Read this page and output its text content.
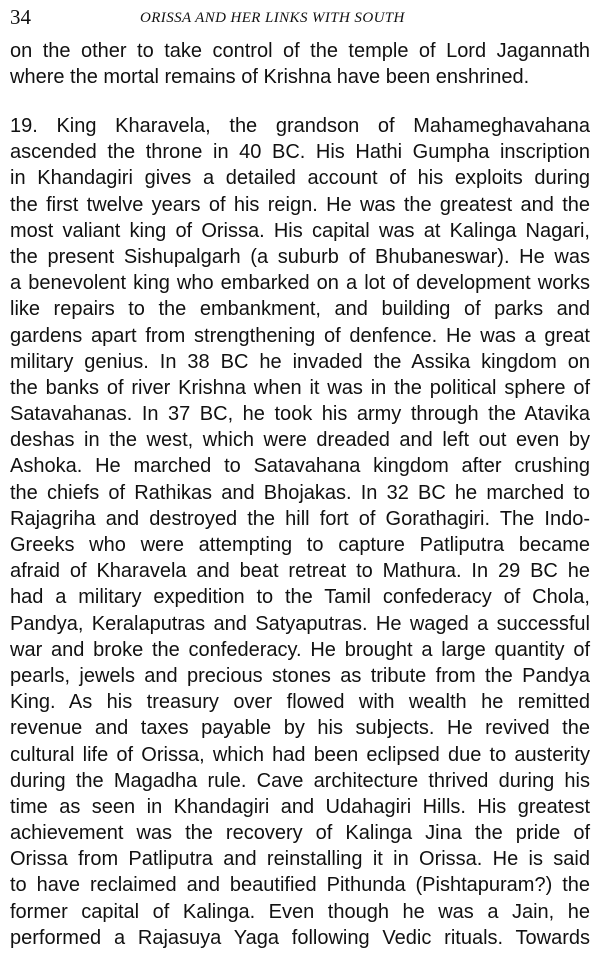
34	ORISSA AND HER LINKS WITH SOUTH
on the other to take control of the temple of Lord Jagannath
where the mortal remains of Krishna have been enshrined.
19. King Kharavela, the grandson of Mahameghavahana
ascended the throne in 40 BC. His Hathi Gumpha inscription
in Khandagiri gives a detailed account of his exploits during
the first twelve years of his reign. He was the greatest and the
most valiant king of Orissa. His capital was at Kalinga Nagari,
the present Sishupalgarh (a suburb of Bhubaneswar). He was
a benevolent king who embarked on a lot of development works
like repairs to the embankment, and building of parks and
gardens apart from strengthening of denfence. He was a great
military genius. In 38 BC he invaded the Assika kingdom on
the banks of river Krishna when it was in the political sphere of
Satavahanas. In 37 BC, he took his army through the Atavika
deshas in the west, which were dreaded and left out even by
Ashoka. He marched to Satavahana kingdom after crushing
the chiefs of Rathikas and Bhojakas. In 32 BC he marched to
Rajagriha and destroyed the hill fort of Gorathagiri. The Indo-
Greeks who were attempting to capture Patliputra became
afraid of Kharavela and beat retreat to Mathura. In 29 BC he
had a military expedition to the Tamil confederacy of Chola,
Pandya, Keralaputras and Satyaputras. He waged a successful
war and broke the confederacy. He brought a large quantity of
pearls, jewels and precious stones as tribute from the Pandya
King. As his treasury over flowed with wealth he remitted
revenue and taxes payable by his subjects. He revived the
cultural life of Orissa, which had been eclipsed due to austerity
during the Magadha rule. Cave architecture thrived during his
time as seen in Khandagiri and Udahagiri Hills. His greatest
achievement was the recovery of Kalinga Jina the pride of
Orissa from Patliputra and reinstalling it in Orissa. He is said
to have reclaimed and beautified Pithunda (Pishtapuram?) the
former capital of Kalinga. Even though he was a Jain, he
performed a Rajasuya Yaga following Vedic rituals. Towards
